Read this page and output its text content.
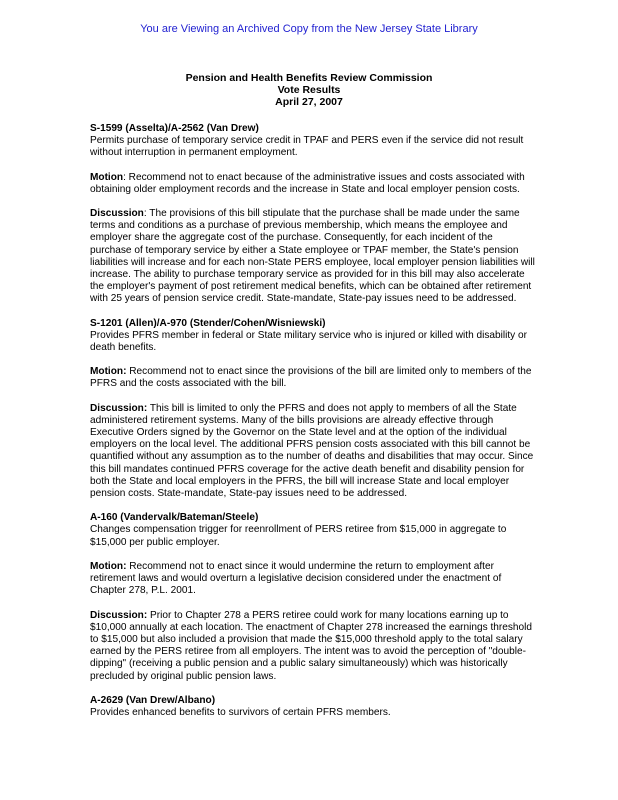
You are Viewing an Archived Copy from the New Jersey State Library
Pension and Health Benefits Review Commission
Vote Results
April 27, 2007

S-1599 (Asselta)/A-2562 (Van Drew)

Permits purchase of temporary service credit in TPAF and PERS even if the service did not result without interruption in permanent employment.

Motion: Recommend not to enact because of the administrative issues and costs associated with obtaining older employment records and the increase in State and local employer pension costs.

Discussion: The provisions of this bill stipulate that the purchase shall be made under the same terms and conditions as a purchase of previous membership, which means the employee and employer share the aggregate cost of the purchase. Consequently, for each incident of the purchase of temporary service by either a State employee or TPAF member, the State's pension liabilities will increase and for each non-State PERS employee, local employer pension liabilities will increase. The ability to purchase temporary service as provided for in this bill may also accelerate the employer's payment of post retirement medical benefits, which can be obtained after retirement with 25 years of pension service credit. State-mandate, State-pay issues need to be addressed.

S-1201 (Allen)/A-970 (Stender/Cohen/Wisniewski)

Provides PFRS member in federal or State military service who is injured or killed with disability or death benefits.

Motion: Recommend not to enact since the provisions of the bill are limited only to members of the PFRS and the costs associated with the bill.

Discussion: This bill is limited to only the PFRS and does not apply to members of all the State administered retirement systems. Many of the bills provisions are already effective through Executive Orders signed by the Governor on the State level and at the option of the individual employers on the local level. The additional PFRS pension costs associated with this bill cannot be quantified without any assumption as to the number of deaths and disabilities that may occur. Since this bill mandates continued PFRS coverage for the active death benefit and disability pension for both the State and local employers in the PFRS, the bill will increase State and local employer pension costs. State-mandate, State-pay issues need to be addressed.

A-160 (Vandervalk/Bateman/Steele)

Changes compensation trigger for reenrollment of PERS retiree from $15,000 in aggregate to $15,000 per public employer.

Motion: Recommend not to enact since it would undermine the return to employment after retirement laws and would overturn a legislative decision considered under the enactment of Chapter 278, P.L. 2001.

Discussion: Prior to Chapter 278 a PERS retiree could work for many locations earning up to $10,000 annually at each location. The enactment of Chapter 278 increased the earnings threshold to $15,000 but also included a provision that made the $15,000 threshold apply to the total salary earned by the PERS retiree from all employers. The intent was to avoid the perception of "double-dipping" (receiving a public pension and a public salary simultaneously) which was historically precluded by original public pension laws.

A-2629 (Van Drew/Albano)

Provides enhanced benefits to survivors of certain PFRS members.
